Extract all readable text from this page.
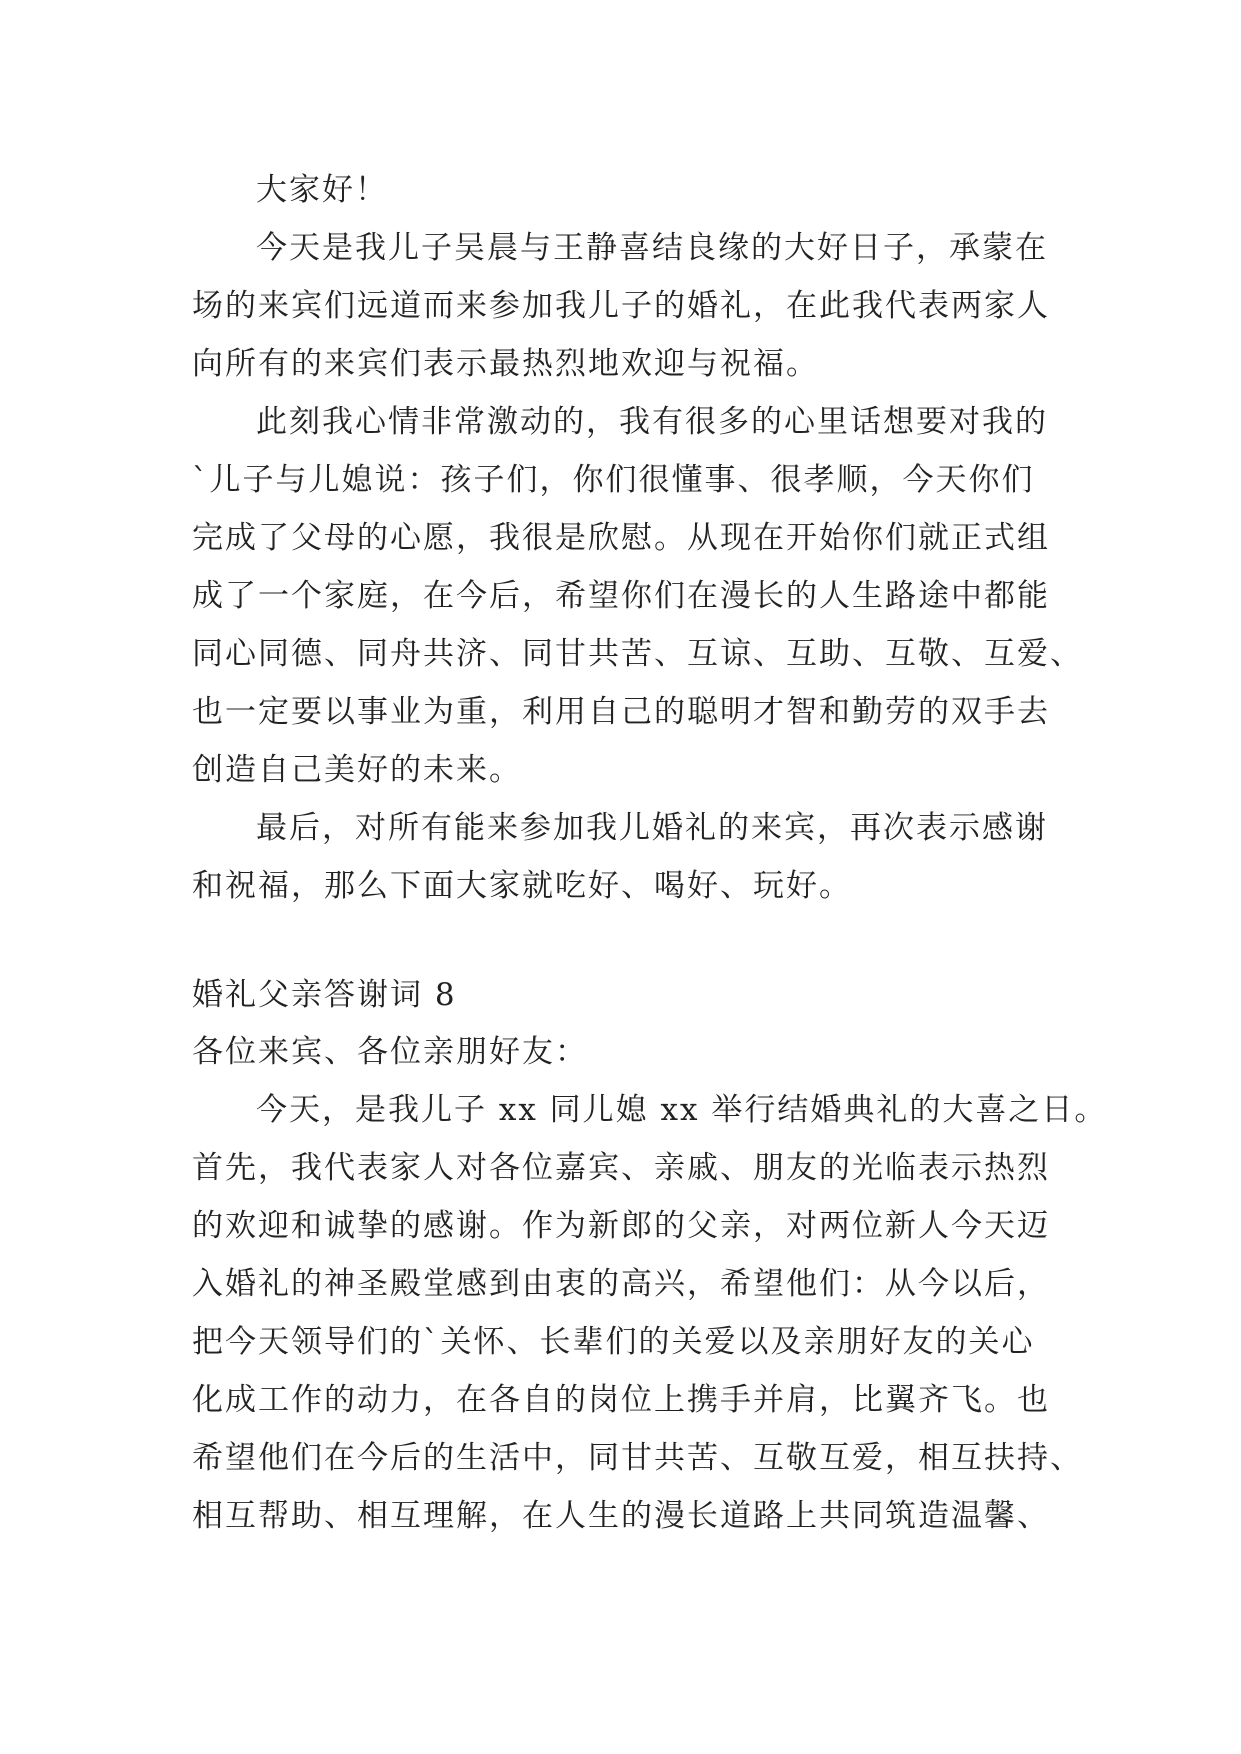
大家好！
今天是我儿子吴晨与王静喜结良缘的大好日子，承蒙在
场的来宾们远道而来参加我儿子的婚礼，在此我代表两家人
向所有的来宾们表示最热烈地欢迎与祝福。
此刻我心情非常激动的，我有很多的心里话想要对我的
`儿子与儿媳说：孩子们，你们很懂事、很孝顺，今天你们
完成了父母的心愿，我很是欣慰。从现在开始你们就正式组
成了一个家庭，在今后，希望你们在漫长的人生路途中都能
同心同德、同舟共济、同甘共苦、互谅、互助、互敬、互爱、
也一定要以事业为重，利用自己的聪明才智和勤劳的双手去
创造自己美好的未来。
最后，对所有能来参加我儿婚礼的来宾，再次表示感谢
和祝福，那么下面大家就吃好、喝好、玩好。
婚礼父亲答谢词 8
各位来宾、各位亲朋好友：
今天，是我儿子 xx 同儿媳 xx 举行结婚典礼的大喜之日。
首先，我代表家人对各位嘉宾、亲戚、朋友的光临表示热烈
的欢迎和诚挚的感谢。作为新郎的父亲，对两位新人今天迈
入婚礼的神圣殿堂感到由衷的高兴，希望他们：从今以后，
把今天领导们的`关怀、长辈们的关爱以及亲朋好友的关心
化成工作的动力，在各自的岗位上携手并肩，比翼齐飞。也
希望他们在今后的生活中，同甘共苦、互敬互爱，相互扶持、
相互帮助、相互理解，在人生的漫长道路上共同筑造温馨、
